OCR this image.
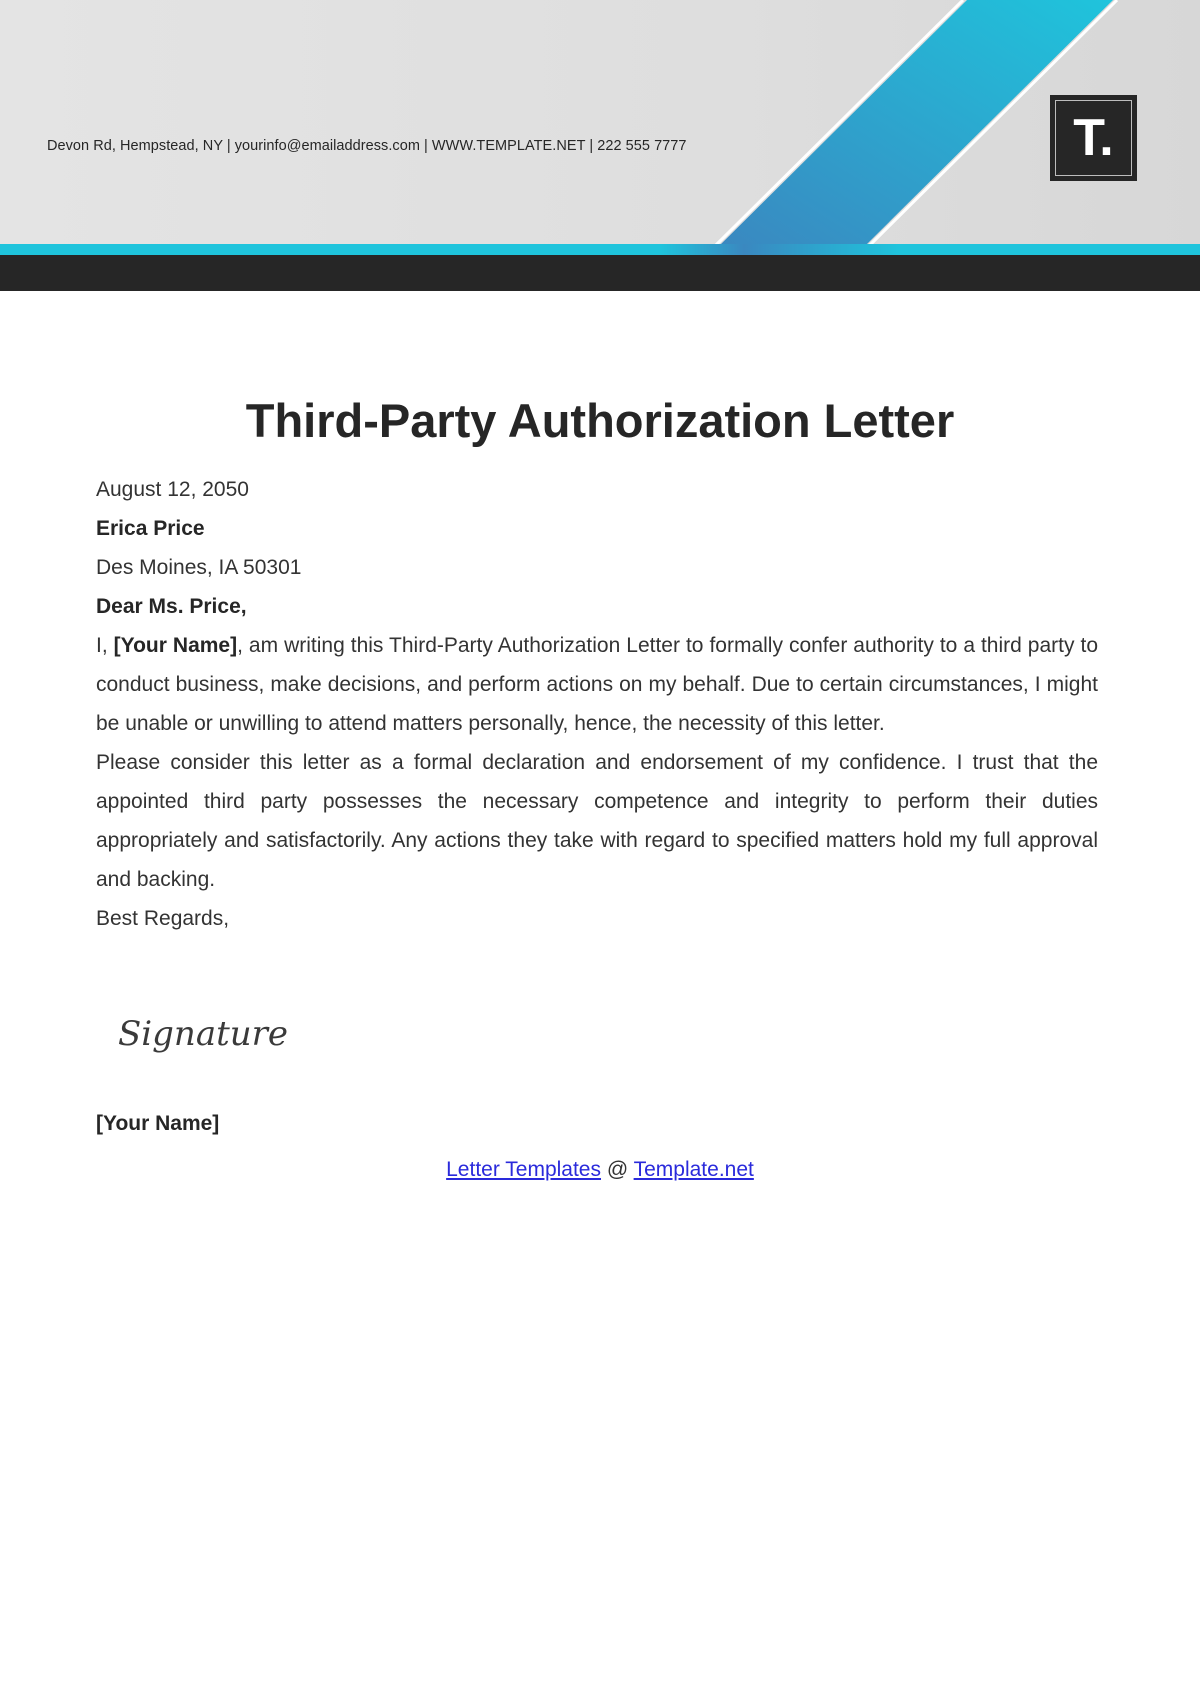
Devon Rd, Hempstead, NY | yourinfo@emailaddress.com | WWW.TEMPLATE.NET | 222 555 7777	T.
Third-Party Authorization Letter

August 12, 2050

Erica Price

Des Moines, IA 50301

Dear Ms. Price,

I, [Your Name], am writing this Third-Party Authorization Letter to formally confer authority to a third party to conduct business, make decisions, and perform actions on my behalf. Due to certain circumstances, I might be unable or unwilling to attend matters personally, hence, the necessity of this letter.

Please consider this letter as a formal declaration and endorsement of my confidence. I trust that the appointed third party possesses the necessary competence and integrity to perform their duties appropriately and satisfactorily. Any actions they take with regard to specified matters hold my full approval and backing.

Best Regards,

Signature
[Your Name]
Letter Templates @ Template.net
